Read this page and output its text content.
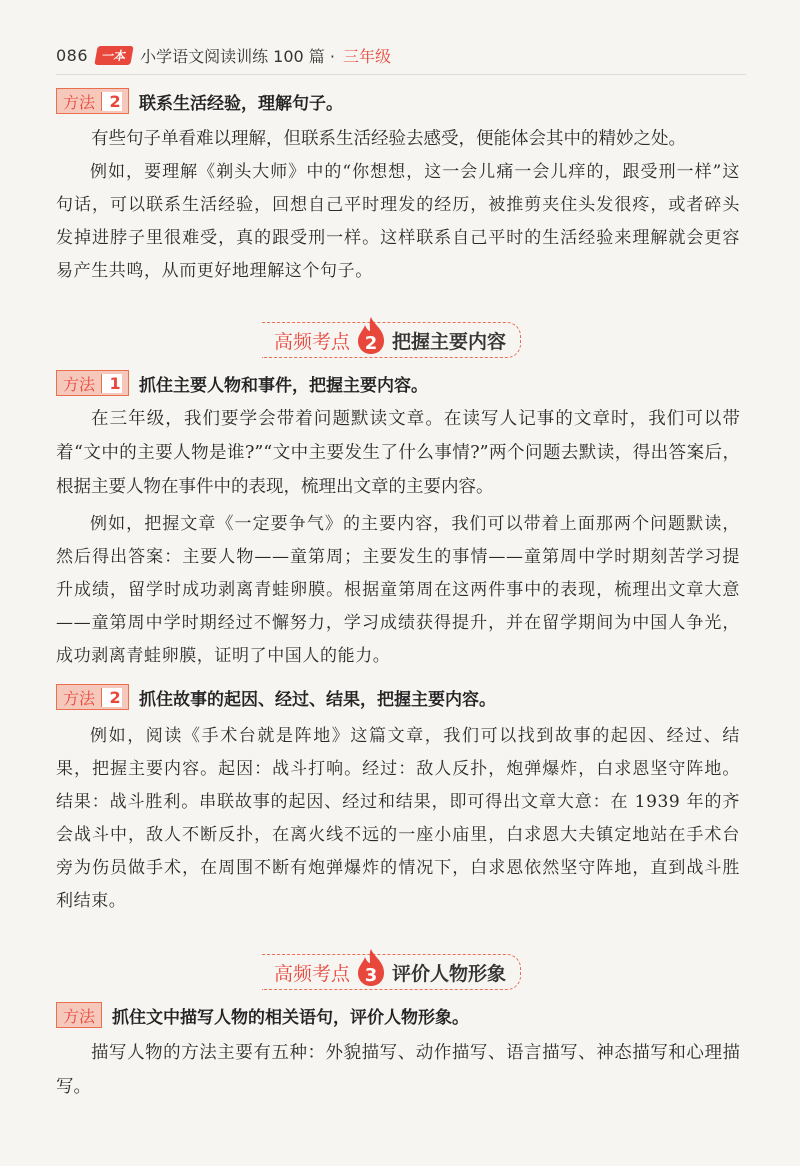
086	一本 小学语文阅读训练 100 篇 · 三年级
方法 2 联系生活经验，理解句子。

有些句子单看难以理解，但联系生活经验去感受，便能体会其中的精妙之处。

例如，要理解《剃头大师》中的“你想想，这一会儿痛一会儿痒的，跟受刑一样”这句话，可以联系生活经验，回想自己平时理发的经历，被推剪夹住头发很疼，或者碎头发掉进脖子里很难受，真的跟受刑一样。这样联系自己平时的生活经验来理解就会更容易产生共鸣，从而更好地理解这个句子。

高频考点 2 把握主要内容
方法 1 抓住主要人物和事件，把握主要内容。

在三年级，我们要学会带着问题默读文章。在读写人记事的文章时，我们可以带着“文中的主要人物是谁?”“文中主要发生了什么事情?”两个问题去默读，得出答案后，根据主要人物在事件中的表现，梳理出文章的主要内容。

例如，把握文章《一定要争气》的主要内容，我们可以带着上面那两个问题默读，然后得出答案：主要人物——童第周；主要发生的事情——童第周中学时期刻苦学习提升成绩，留学时成功剥离青蛙卵膜。根据童第周在这两件事中的表现，梳理出文章大意——童第周中学时期经过不懈努力，学习成绩获得提升，并在留学期间为中国人争光，成功剥离青蛙卵膜，证明了中国人的能力。

方法 2 抓住故事的起因、经过、结果，把握主要内容。

例如，阅读《手术台就是阵地》这篇文章，我们可以找到故事的起因、经过、结果，把握主要内容。起因：战斗打响。经过：敌人反扑，炮弹爆炸，白求恩坚守阵地。结果：战斗胜利。串联故事的起因、经过和结果，即可得出文章大意：在 1939 年的齐会战斗中，敌人不断反扑，在离火线不远的一座小庙里，白求恩大夫镇定地站在手术台旁为伤员做手术，在周围不断有炮弹爆炸的情况下，白求恩依然坚守阵地，直到战斗胜利结束。

高频考点 3 评价人物形象
方法 抓住文中描写人物的相关语句，评价人物形象。

描写人物的方法主要有五种：外貌描写、动作描写、语言描写、神态描写和心理描写。
